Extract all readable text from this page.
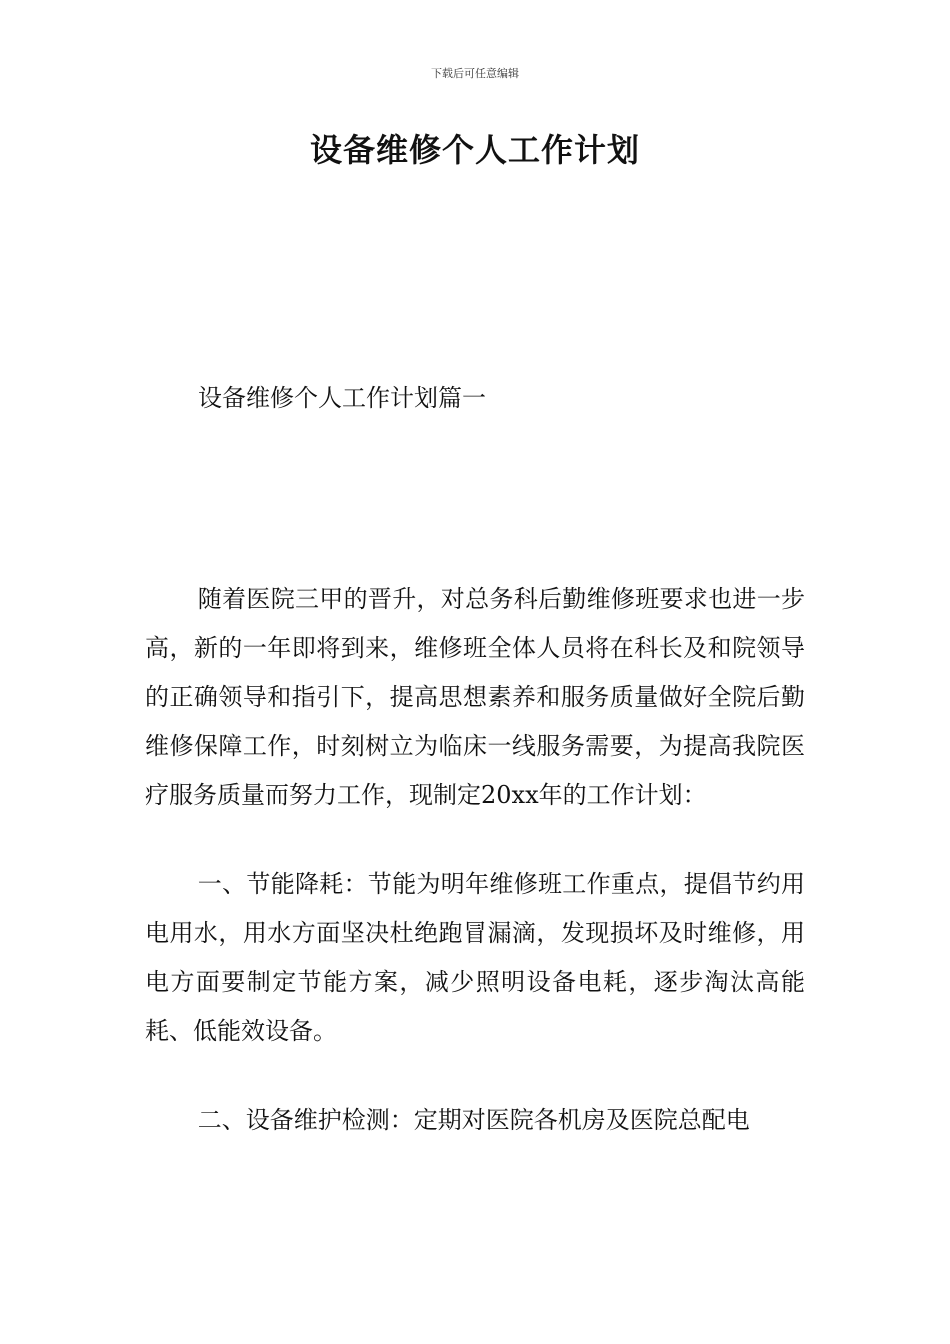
下载后可任意编辑
设备维修个人工作计划
设备维修个人工作计划篇一

随着医院三甲的晋升，对总务科后勤维修班要求也进一步高，新的一年即将到来，维修班全体人员将在科长及和院领导的正确领导和指引下，提高思想素养和服务质量做好全院后勤维修保障工作，时刻树立为临床一线服务需要，为提高我院医疗服务质量而努力工作，现制定20xx年的工作计划：

一、节能降耗：节能为明年维修班工作重点，提倡节约用电用水，用水方面坚决杜绝跑冒漏滴，发现损坏及时维修，用电方面要制定节能方案，减少照明设备电耗，逐步淘汰高能耗、低能效设备。

二、设备维护检测：定期对医院各机房及医院总配电
